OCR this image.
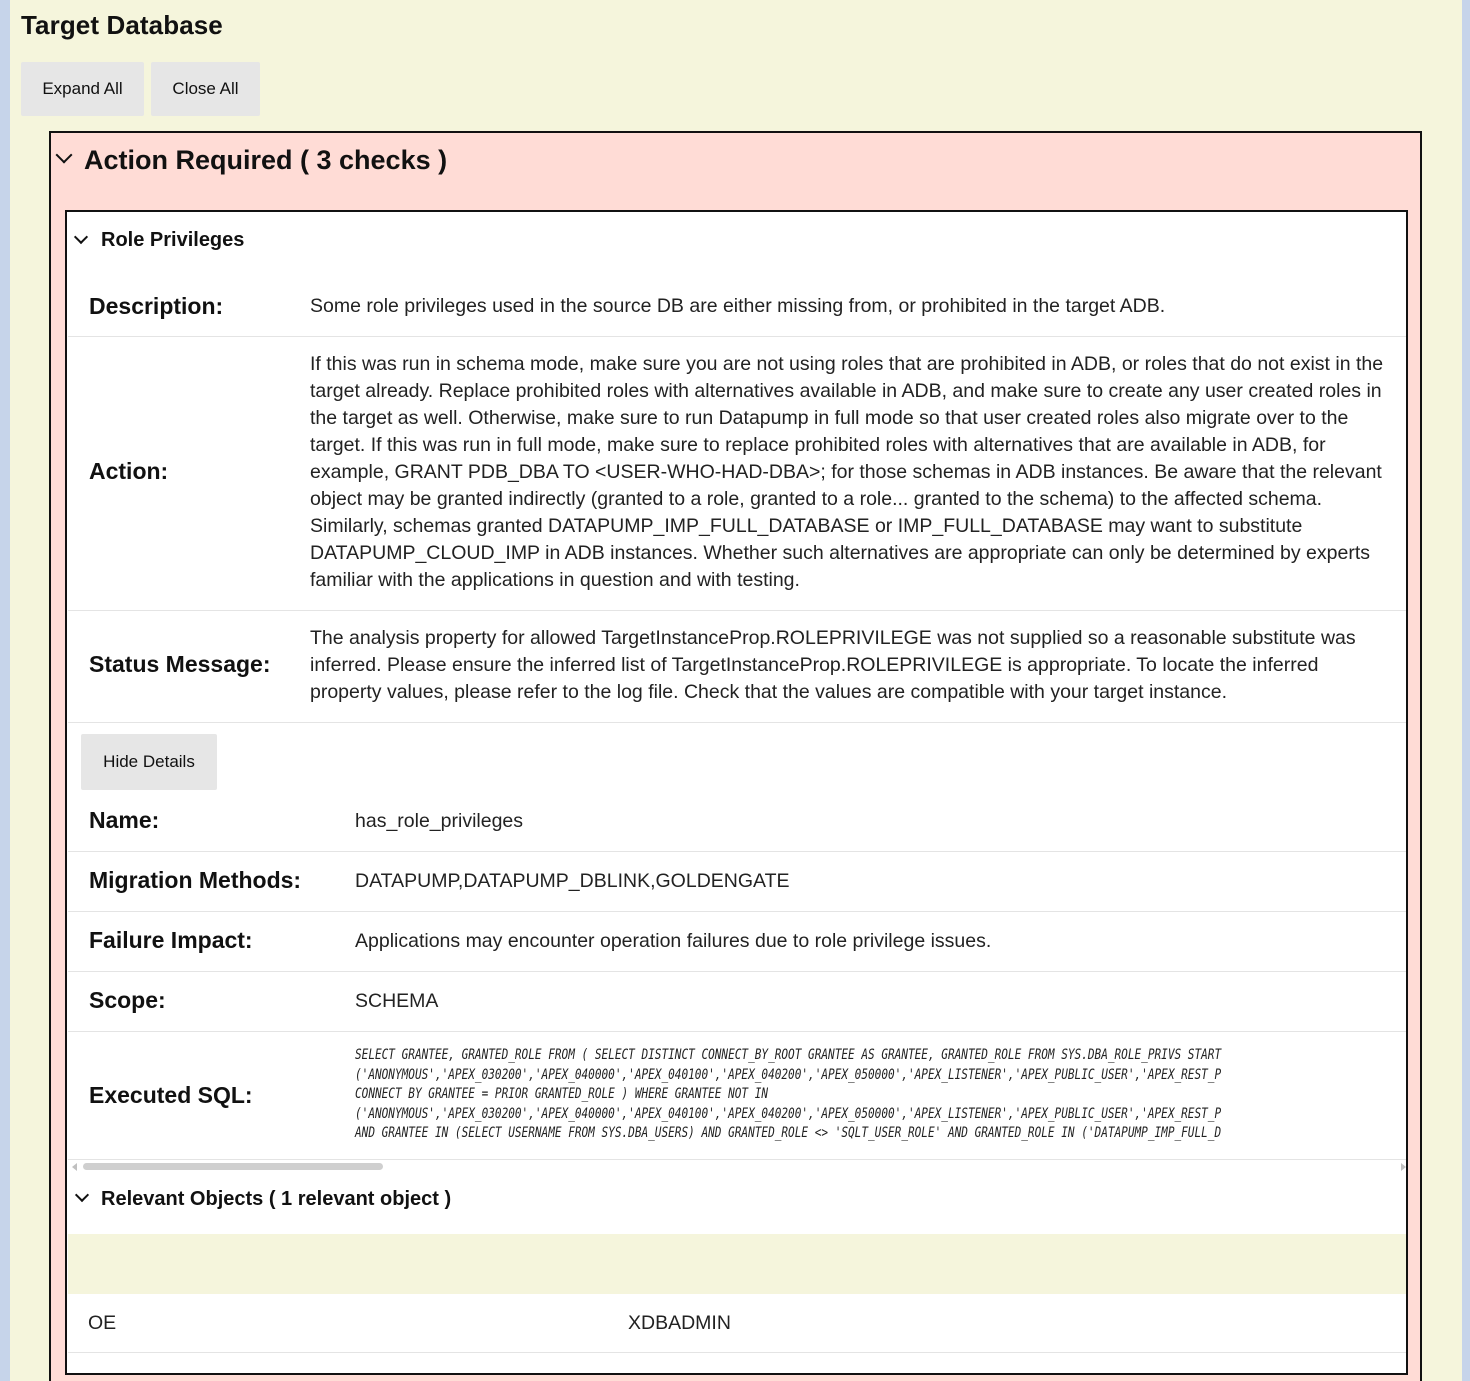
Target Database
Expand All	Close All
Action Required ( 3 checks )
Role Privileges
Description:	Some role privileges used in the source DB are either missing from, or prohibited in the target ADB.
Action:
If this was run in schema mode, make sure you are not using roles that are prohibited in ADB, or roles that do not exist in the target already. Replace prohibited roles with alternatives available in ADB, and make sure to create any user created roles in the target as well. Otherwise, make sure to run Datapump in full mode so that user created roles also migrate over to the target. If this was run in full mode, make sure to replace prohibited roles with alternatives that are available in ADB, for example, GRANT PDB_DBA TO <USER-WHO-HAD-DBA>; for those schemas in ADB instances. Be aware that the relevant object may be granted indirectly (granted to a role, granted to a role... granted to the schema) to the affected schema. Similarly, schemas granted DATAPUMP_IMP_FULL_DATABASE or IMP_FULL_DATABASE may want to substitute DATAPUMP_CLOUD_IMP in ADB instances. Whether such alternatives are appropriate can only be determined by experts familiar with the applications in question and with testing.
Status Message:
The analysis property for allowed TargetInstanceProp.ROLEPRIVILEGE was not supplied so a reasonable substitute was inferred. Please ensure the inferred list of TargetInstanceProp.ROLEPRIVILEGE is appropriate. To locate the inferred property values, please refer to the log file. Check that the values are compatible with your target instance.
Hide Details
Name:	has_role_privileges
Migration Methods:	DATAPUMP,DATAPUMP_DBLINK,GOLDENGATE
Failure Impact:	Applications may encounter operation failures due to role privilege issues.
Scope:	SCHEMA
Executed SQL:
SELECT GRANTEE, GRANTED_ROLE FROM ( SELECT DISTINCT CONNECT_BY_ROOT GRANTEE AS GRANTEE, GRANTED_ROLE FROM SYS.DBA_ROLE_PRIVS START
('ANONYMOUS','APEX_030200','APEX_040000','APEX_040100','APEX_040200','APEX_050000','APEX_LISTENER','APEX_PUBLIC_USER','APEX_REST_P
CONNECT BY GRANTEE = PRIOR GRANTED_ROLE ) WHERE GRANTEE NOT IN
('ANONYMOUS','APEX_030200','APEX_040000','APEX_040100','APEX_040200','APEX_050000','APEX_LISTENER','APEX_PUBLIC_USER','APEX_REST_P
AND GRANTEE IN (SELECT USERNAME FROM SYS.DBA_USERS) AND GRANTED_ROLE <> 'SQLT_USER_ROLE' AND GRANTED_ROLE IN ('DATAPUMP_IMP_FULL_D
Relevant Objects ( 1 relevant object )
OE	XDBADMIN
